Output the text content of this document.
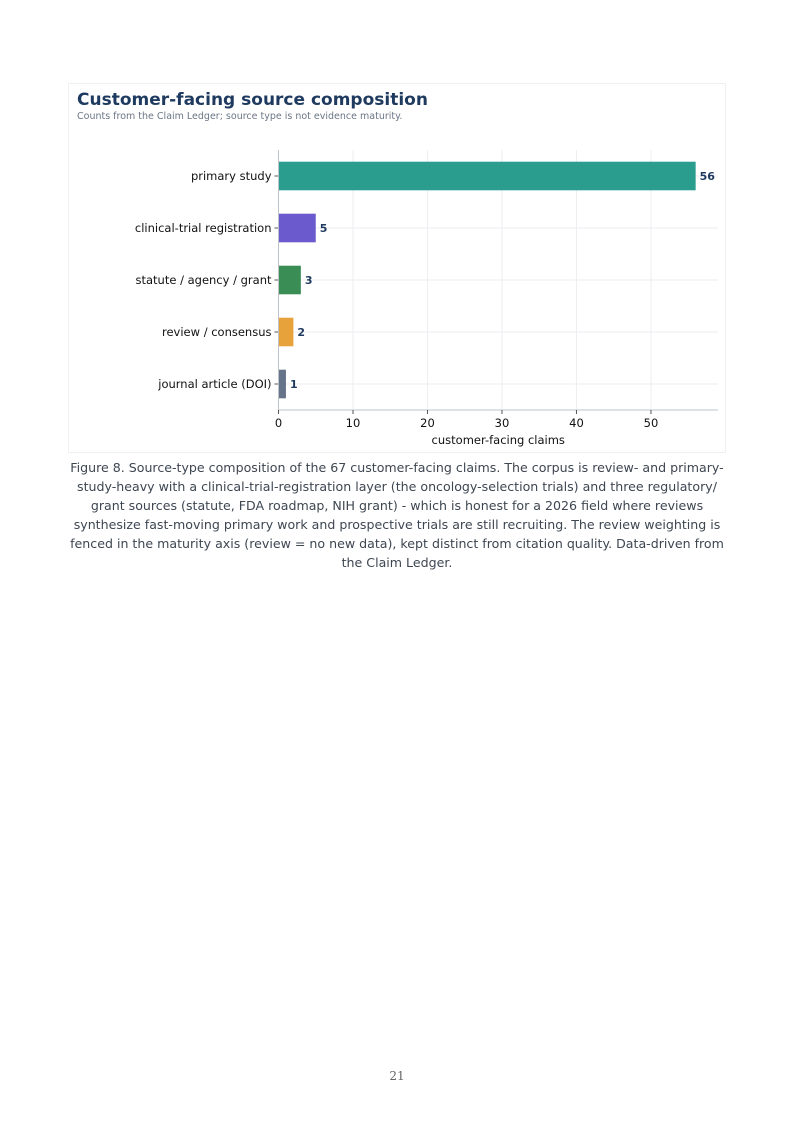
Customer-facing source composition
Counts from the Claim Ledger; source type is not evidence maturity.
primary study	56
clinical-trial registration	5
statute / agency / grant	3
review / consensus 2
journal article (DOI) 1
0	10	20	30	40	50
customer-facing claims

Figure 8. Source-type composition of the 67 customer-facing claims. The corpus is review- and primary-study-heavy with a clinical-trial-registration layer (the oncology-selection trials) and three regulatory/ grant sources (statute, FDA roadmap, NIH grant) - which is honest for a 2026 field where reviews synthesize fast-moving primary work and prospective trials are still recruiting. The review weighting is fenced in the maturity axis (review = no new data), kept distinct from citation quality. Data-driven from the Claim Ledger.

21
